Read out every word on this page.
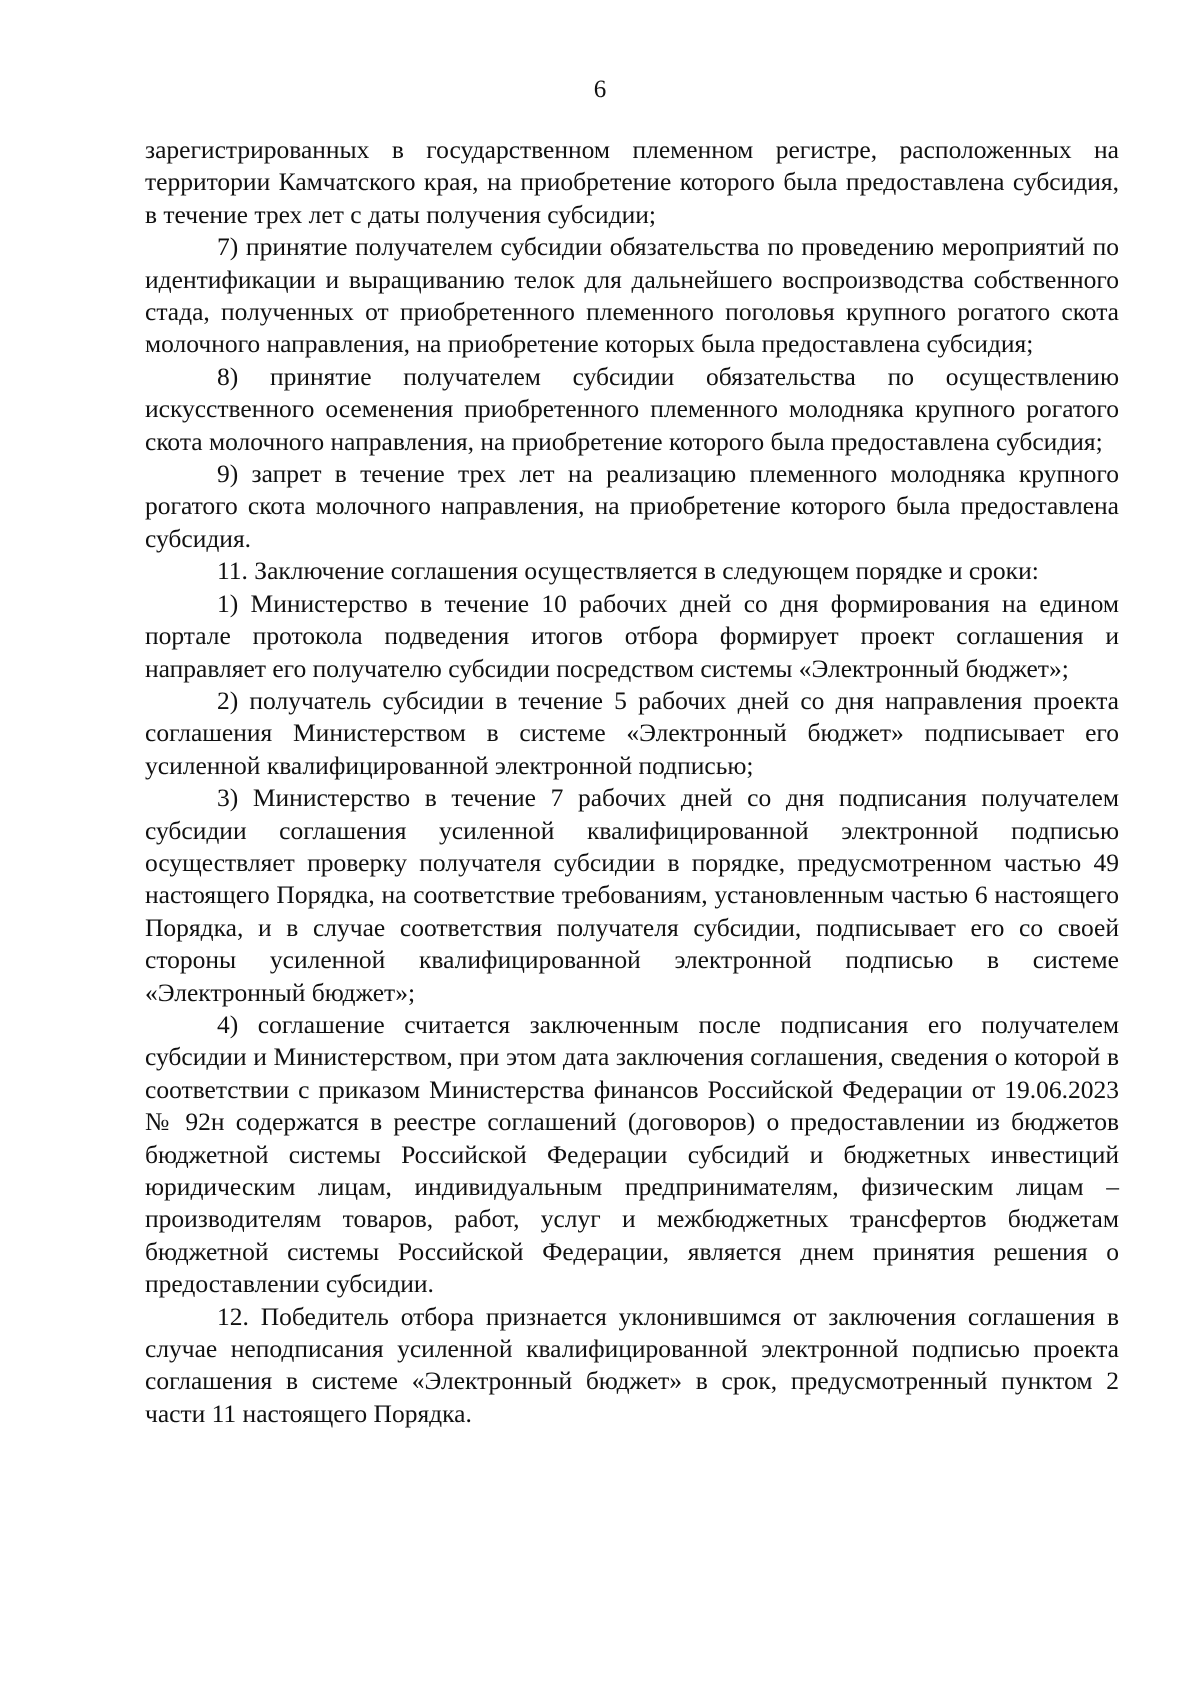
6

зарегистрированных в государственном племенном регистре, расположенных на территории Камчатского края, на приобретение которого была предоставлена субсидия, в течение трех лет с даты получения субсидии;

7) принятие получателем субсидии обязательства по проведению мероприятий по идентификации и выращиванию телок для дальнейшего воспроизводства собственного стада, полученных от приобретенного племенного поголовья крупного рогатого скота молочного направления, на приобретение которых была предоставлена субсидия;

8) принятие получателем субсидии обязательства по осуществлению искусственного осеменения приобретенного племенного молодняка крупного рогатого скота молочного направления, на приобретение которого была предоставлена субсидия;

9) запрет в течение трех лет на реализацию племенного молодняка крупного рогатого скота молочного направления, на приобретение которого была предоставлена субсидия.

11. Заключение соглашения осуществляется в следующем порядке и сроки:

1) Министерство в течение 10 рабочих дней со дня формирования на едином портале протокола подведения итогов отбора формирует проект соглашения и направляет его получателю субсидии посредством системы «Электронный бюджет»;

2) получатель субсидии в течение 5 рабочих дней со дня направления проекта соглашения Министерством в системе «Электронный бюджет» подписывает его усиленной квалифицированной электронной подписью;

3) Министерство в течение 7 рабочих дней со дня подписания получателем субсидии соглашения усиленной квалифицированной электронной подписью осуществляет проверку получателя субсидии в порядке, предусмотренном частью 49 настоящего Порядка, на соответствие требованиям, установленным частью 6 настоящего Порядка, и в случае соответствия получателя субсидии, подписывает его со своей стороны усиленной квалифицированной электронной подписью в системе «Электронный бюджет»;

4) соглашение считается заключенным после подписания его получателем субсидии и Министерством, при этом дата заключения соглашения, сведения о которой в соответствии с приказом Министерства финансов Российской Федерации от 19.06.2023 № 92н содержатся в реестре соглашений (договоров) о предоставлении из бюджетов бюджетной системы Российской Федерации субсидий и бюджетных инвестиций юридическим лицам, индивидуальным предпринимателям, физическим лицам – производителям товаров, работ, услуг и межбюджетных трансфертов бюджетам бюджетной системы Российской Федерации, является днем принятия решения о предоставлении субсидии.

12. Победитель отбора признается уклонившимся от заключения соглашения в случае неподписания усиленной квалифицированной электронной подписью проекта соглашения в системе «Электронный бюджет» в срок, предусмотренный пунктом 2 части 11 настоящего Порядка.
